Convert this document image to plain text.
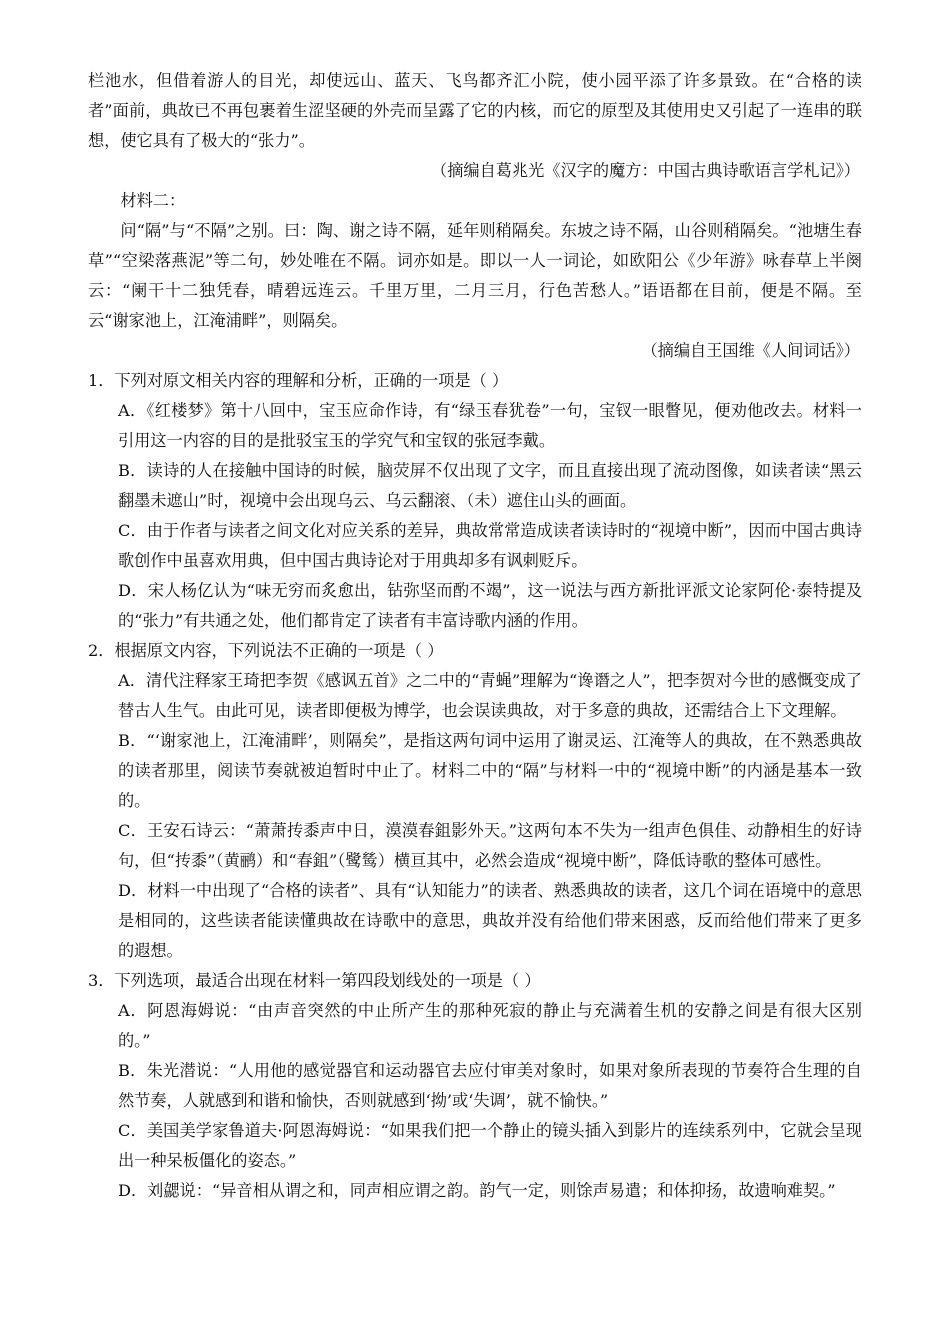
栏池水，但借着游人的目光，却使远山、蓝天、飞鸟都齐汇小院，使小园平添了许多景致。在“合格的读者”面前，典故已不再包裹着生涩坚硬的外壳而呈露了它的内核，而它的原型及其使用史又引起了一连串的联想，使它具有了极大的“张力”。

（摘编自葛兆光《汉字的魔方：中国古典诗歌语言学札记》）

材料二：

问“隔”与“不隔”之别。曰：陶、谢之诗不隔，延年则稍隔矣。东坡之诗不隔，山谷则稍隔矣。“池塘生春草”“空梁落燕泥”等二句，妙处唯在不隔。词亦如是。即以一人一词论，如欧阳公《少年游》咏春草上半阕云：“阑干十二独凭春，晴碧远连云。千里万里，二月三月，行色苦愁人。”语语都在目前，便是不隔。至云“谢家池上，江淹浦畔”，则隔矣。

（摘编自王国维《人间词话》）

1．下列对原文相关内容的理解和分析，正确的一项是（ ）

A．《红楼梦》第十八回中，宝玉应命作诗，有“绿玉春犹卷”一句，宝钗一眼瞥见，便劝他改去。材料一引用这一内容的目的是批驳宝玉的学究气和宝钗的张冠李戴。

B．读诗的人在接触中国诗的时候，脑荧屏不仅出现了文字，而且直接出现了流动图像，如读者读“黑云翻墨未遮山”时，视境中会出现乌云、乌云翻滚、（未）遮住山头的画面。

C．由于作者与读者之间文化对应关系的差异，典故常常造成读者读诗时的“视境中断”，因而中国古典诗歌创作中虽喜欢用典，但中国古典诗论对于用典却多有讽刺贬斥。

D．宋人杨亿认为“味无穷而炙愈出，钻弥坚而酌不竭”，这一说法与西方新批评派文论家阿伦·泰特提及的“张力”有共通之处，他们都肯定了读者有丰富诗歌内涵的作用。

2．根据原文内容，下列说法不正确的一项是（ ）

A．清代注释家王琦把李贺《感讽五首》之二中的“青蝇”理解为“谗谮之人”，把李贺对今世的感慨变成了替古人生气。由此可见，读者即便极为博学，也会误读典故，对于多意的典故，还需结合上下文理解。

B．“‘谢家池上，江淹浦畔’，则隔矣”，是指这两句词中运用了谢灵运、江淹等人的典故，在不熟悉典故的读者那里，阅读节奏就被迫暂时中止了。材料二中的“隔”与材料一中的“视境中断”的内涵是基本一致的。

C．王安石诗云：“萧萧抟黍声中日，漠漠春鉏影外天。”这两句本不失为一组声色俱佳、动静相生的好诗句，但“抟黍”（黄鹂）和“春鉏”（鹭鸶）横亘其中，必然会造成“视境中断”，降低诗歌的整体可感性。

D．材料一中出现了“合格的读者”、具有“认知能力”的读者、熟悉典故的读者，这几个词在语境中的意思是相同的，这些读者能读懂典故在诗歌中的意思，典故并没有给他们带来困惑，反而给他们带来了更多的遐想。

3．下列选项，最适合出现在材料一第四段划线处的一项是（ ）

A．阿恩海姆说：“由声音突然的中止所产生的那种死寂的静止与充满着生机的安静之间是有很大区别的。”

B．朱光潜说：“人用他的感觉器官和运动器官去应付审美对象时，如果对象所表现的节奏符合生理的自然节奏，人就感到和谐和愉快，否则就感到‘拗’或‘失调’，就不愉快。”

C．美国美学家鲁道夫·阿恩海姆说：“如果我们把一个静止的镜头插入到影片的连续系列中，它就会呈现出一种呆板僵化的姿态。”

D．刘勰说：“异音相从谓之和，同声相应谓之韵。韵气一定，则馀声易遣；和体抑扬，故遗响难契。”
